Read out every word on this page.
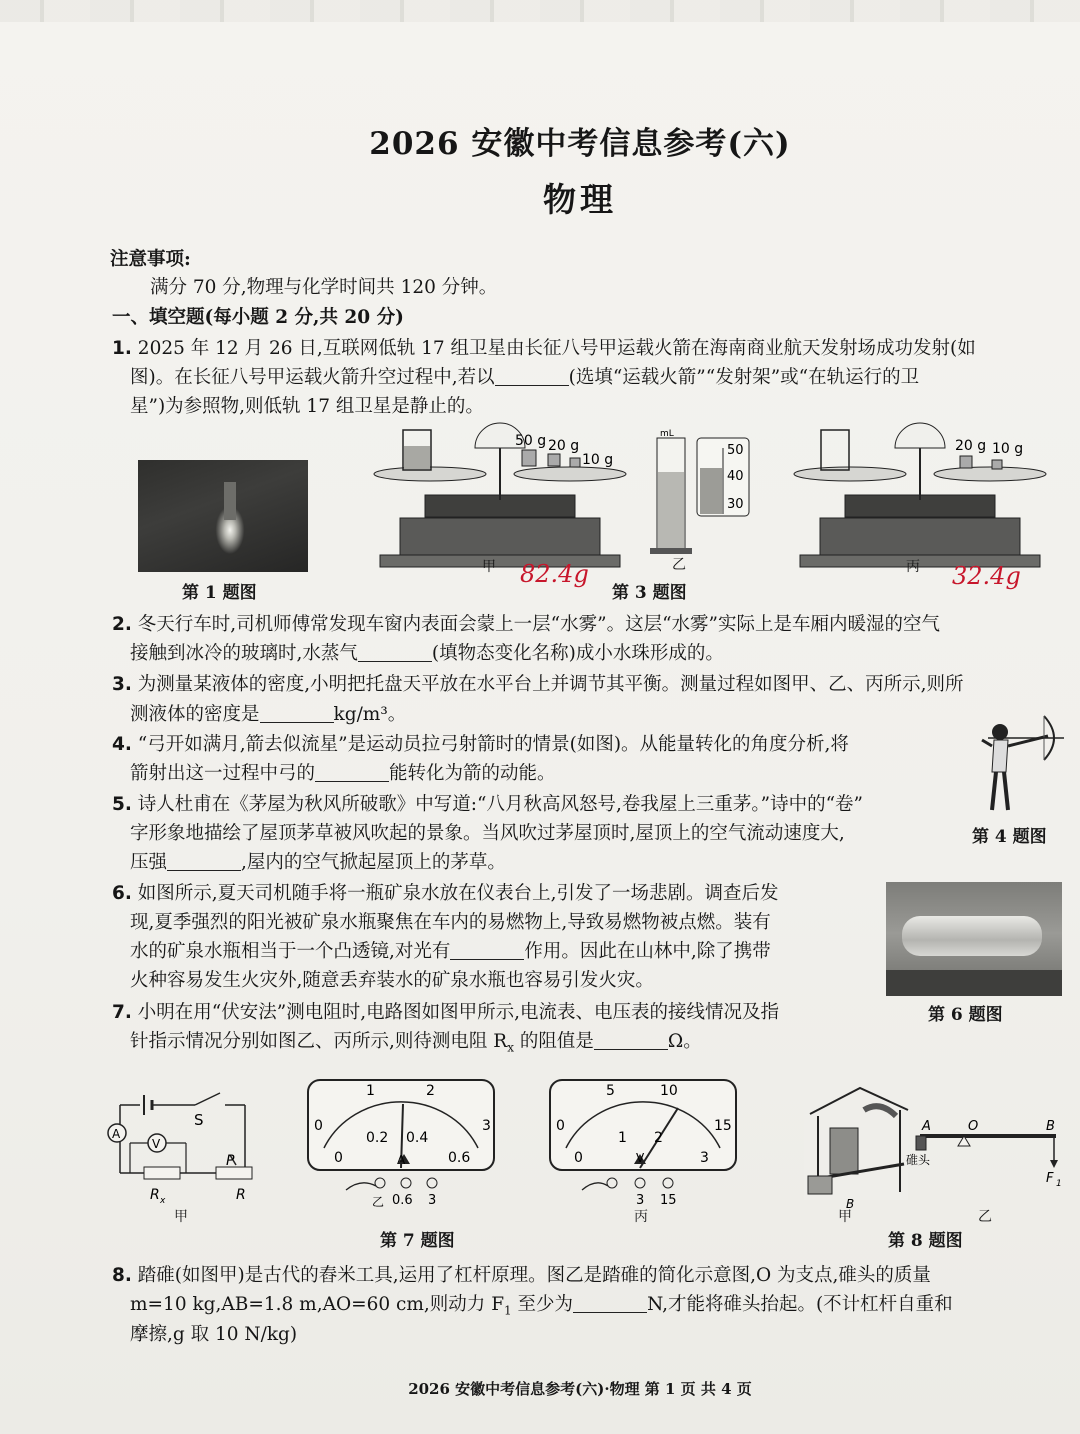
2026 安徽中考信息参考(六)
物理
注意事项:
满分 70 分,物理与化学时间共 120 分钟。
一、填空题(每小题 2 分,共 20 分)
1. 2025 年 12 月 26 日,互联网低轨 17 组卫星由长征八号甲运载火箭在海南商业航天发射场成功发射(如
图)。在长征八号甲运载火箭升空过程中,若以	(选填“运载火箭”“发射架”或“在轨运行的卫
星”)为参照物,则低轨 17 组卫星是静止的。
第 1 题图
50 g 20 g
10 g
mL
50
40
30
20 g 10 g
甲 82.4g	乙	丙 32.4g
第 3 题图
2. 冬天行车时,司机师傅常发现车窗内表面会蒙上一层“水雾”。这层“水雾”实际上是车厢内暖湿的空气
接触到冰冷的玻璃时,水蒸气	(填物态变化名称)成小水珠形成的。
3. 为测量某液体的密度,小明把托盘天平放在水平台上并调节其平衡。测量过程如图甲、乙、丙所示,则所
测液体的密度是	kg/m³。
4. “弓开如满月,箭去似流星”是运动员拉弓射箭时的情景(如图)。从能量转化的角度分析,将
箭射出这一过程中弓的	能转化为箭的动能。
5. 诗人杜甫在《茅屋为秋风所破歌》中写道:“八月秋高风怒号,卷我屋上三重茅。”诗中的“卷”
字形象地描绘了屋顶茅草被风吹起的景象。当风吹过茅屋顶时,屋顶上的空气流动速度大,	第 4 题图
压强	,屋内的空气掀起屋顶上的茅草。
6. 如图所示,夏天司机随手将一瓶矿泉水放在仪表台上,引发了一场悲剧。调查后发
现,夏季强烈的阳光被矿泉水瓶聚焦在车内的易燃物上,导致易燃物被点燃。装有
水的矿泉水瓶相当于一个凸透镜,对光有	作用。因此在山林中,除了携带
火种容易发生火灾外,随意丢弃装水的矿泉水瓶也容易引发火灾。
第 6 题图
7. 小明在用“伏安法”测电阻时,电路图如图甲所示,电流表、电压表的接线情况及指
针指示情况分别如图乙、丙所示,则待测电阻 $R_x$ 的阻值是	Ω。
A
V
S
P
R x	R
甲
0
1	2
3
0
0.2 0.4
0.6
A
0.6 3
乙
0
5	10
15
0
1 2
3
V
3 15
丙
第 7 题图
B
甲
A	O	B
碓头
F 1
乙
第 8 题图
8. 踏碓(如图甲)是古代的舂米工具,运用了杠杆原理。图乙是踏碓的简化示意图,O 为支点,碓头的质量
m=10 kg,AB=1.8 m,AO=60 cm,则动力 $F_1$ 至少为	N,才能将碓头抬起。(不计杠杆自重和
摩擦,g 取 10 N/kg)
2026 安徽中考信息参考(六)·物理 第 1 页 共 4 页
